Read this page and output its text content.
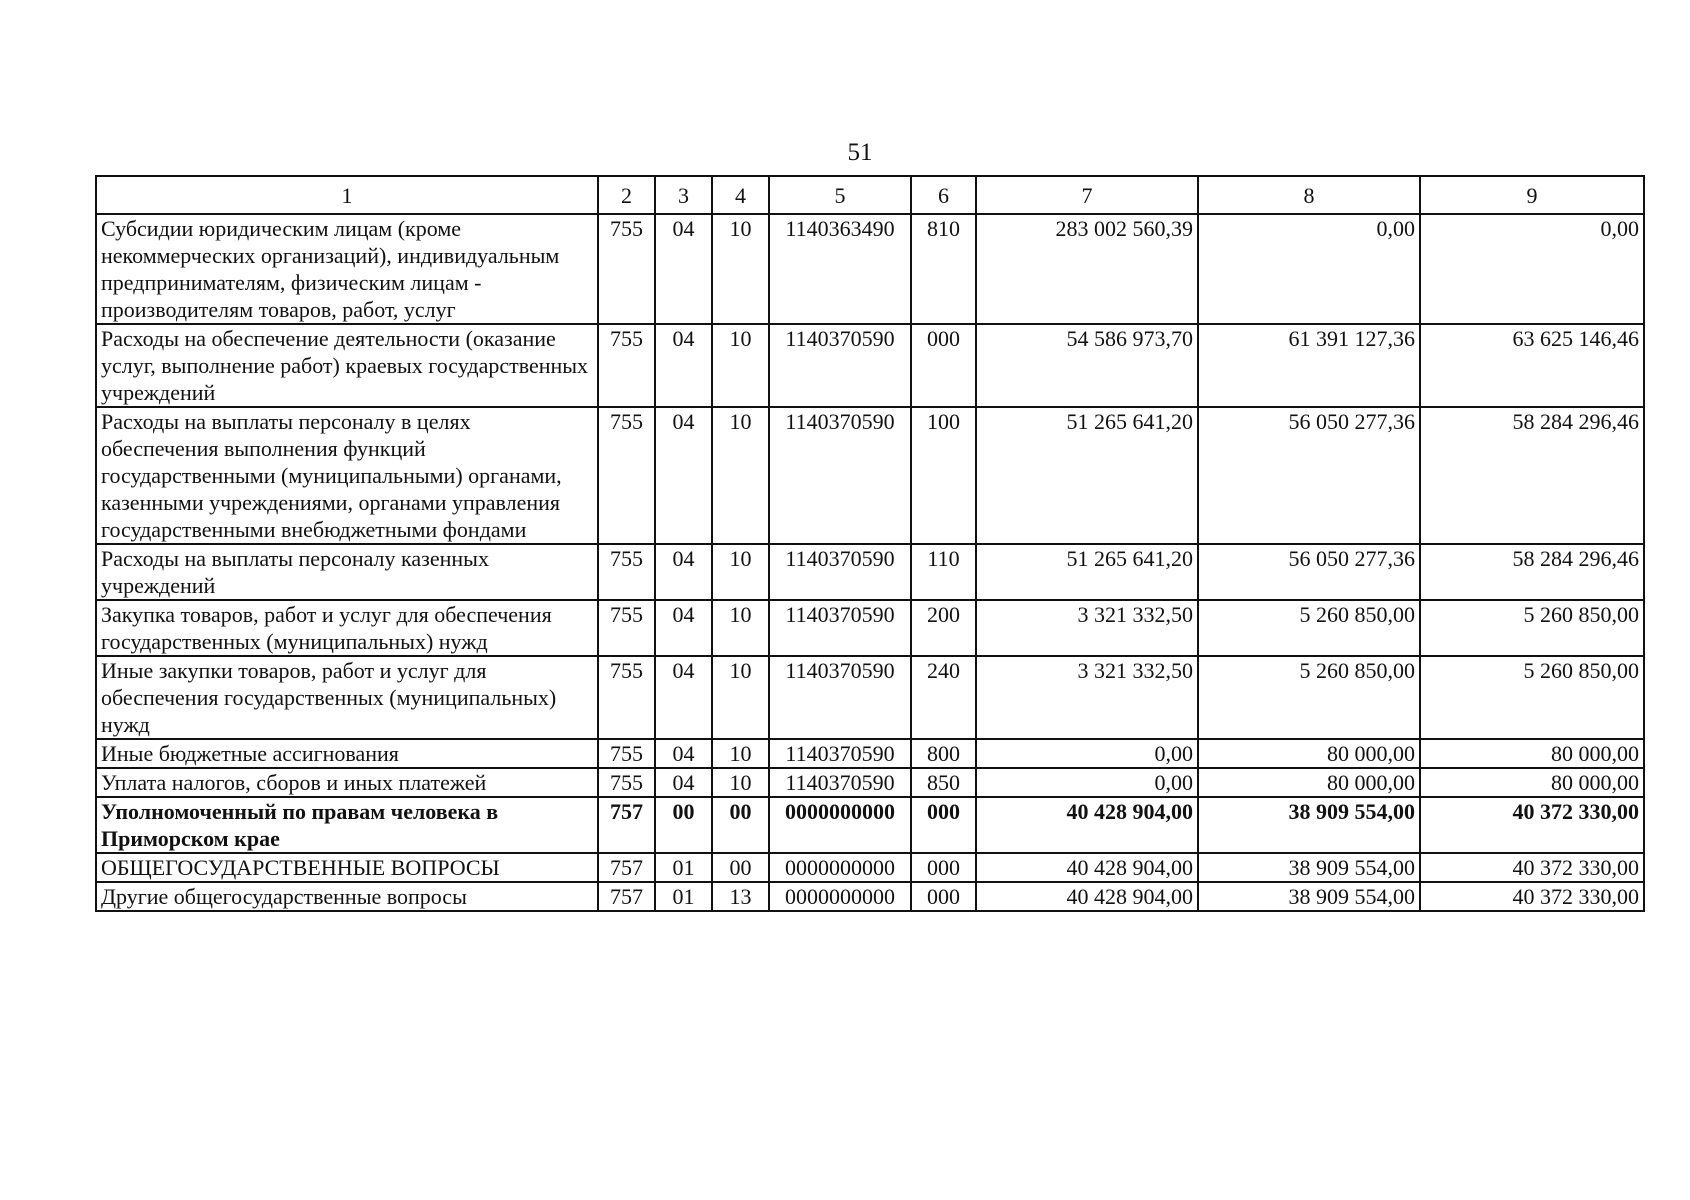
51
1	2	3	4	5	6	7	8	9
Субсидии юридическим лицам (кроме некоммерческих организаций), индивидуальным предпринимателям, физическим лицам - производителям товаров, работ, услуг	755	04	10	1140363490	810	283 002 560,39	0,00	0,00
Расходы на обеспечение деятельности (оказание услуг, выполнение работ) краевых государственных учреждений	755	04	10	1140370590	000	54 586 973,70	61 391 127,36	63 625 146,46
Расходы на выплаты персоналу в целях обеспечения выполнения функций государственными (муниципальными) органами, казенными учреждениями, органами управления государственными внебюджетными фондами	755	04	10	1140370590	100	51 265 641,20	56 050 277,36	58 284 296,46
Расходы на выплаты персоналу казенных учреждений	755	04	10	1140370590	110	51 265 641,20	56 050 277,36	58 284 296,46
Закупка товаров, работ и услуг для обеспечения государственных (муниципальных) нужд	755	04	10	1140370590	200	3 321 332,50	5 260 850,00	5 260 850,00
Иные закупки товаров, работ и услуг для обеспечения государственных (муниципальных) нужд	755	04	10	1140370590	240	3 321 332,50	5 260 850,00	5 260 850,00
Иные бюджетные ассигнования	755	04	10	1140370590	800	0,00	80 000,00	80 000,00
Уплата налогов, сборов и иных платежей	755	04	10	1140370590	850	0,00	80 000,00	80 000,00
Уполномоченный по правам человека в Приморском крае	757	00	00	0000000000	000	40 428 904,00	38 909 554,00	40 372 330,00
ОБЩЕГОСУДАРСТВЕННЫЕ ВОПРОСЫ	757	01	00	0000000000	000	40 428 904,00	38 909 554,00	40 372 330,00
Другие общегосударственные вопросы	757	01	13	0000000000	000	40 428 904,00	38 909 554,00	40 372 330,00
